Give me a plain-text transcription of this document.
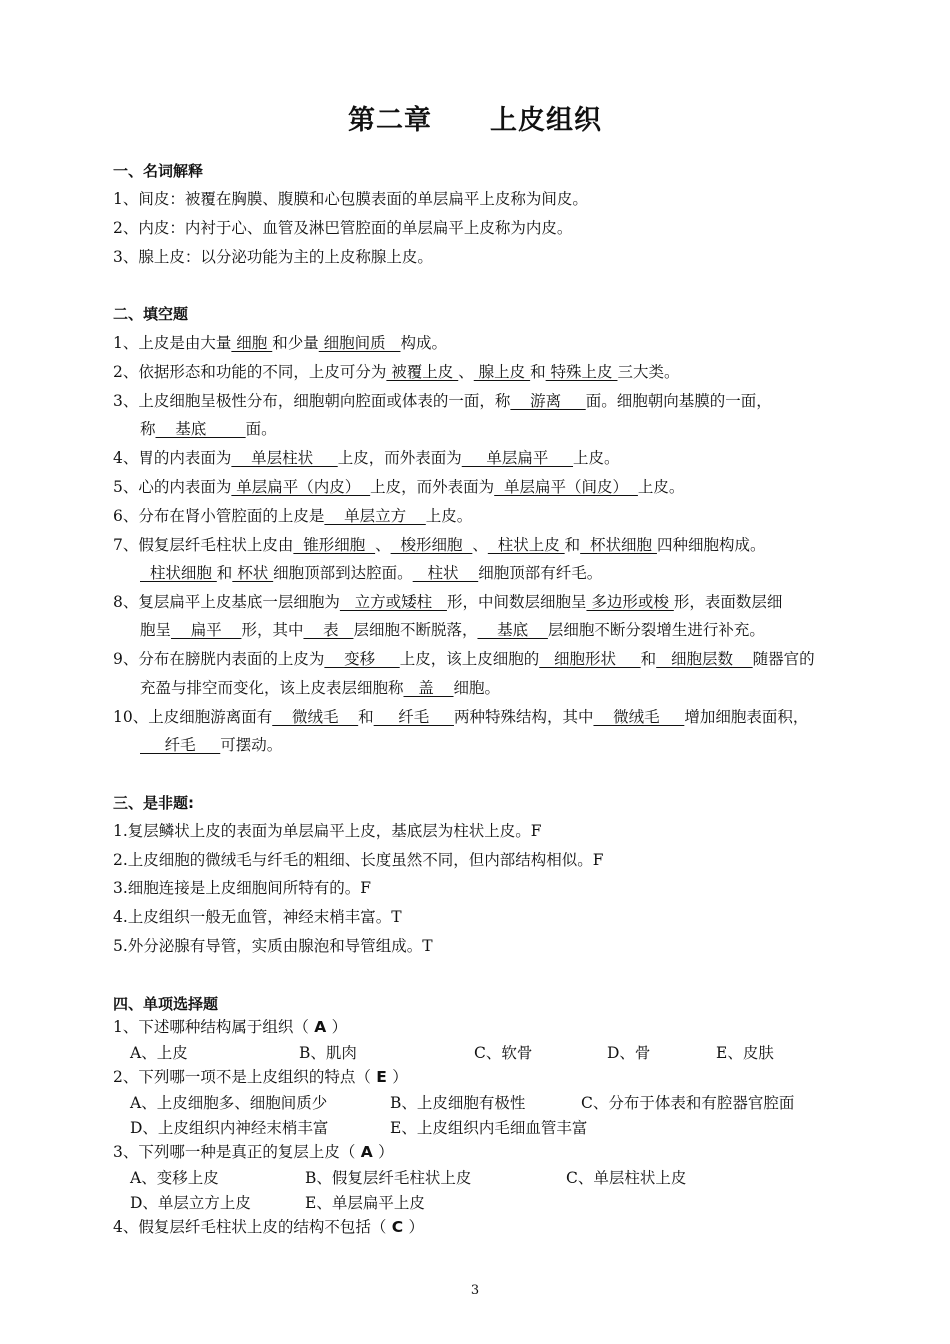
第二章 上皮组织
一、名词解释
1、间皮：被覆在胸膜、腹膜和心包膜表面的单层扁平上皮称为间皮。
2、内皮：内衬于心、血管及淋巴管腔面的单层扁平上皮称为内皮。
3、腺上皮：以分泌功能为主的上皮称腺上皮。
二、填空题
1、上皮是由大量 细胞 和少量 细胞间质   构成。
2、依据形态和功能的不同，上皮可分为 被覆上皮 、 腺上皮 和 特殊上皮 三大类。
3、上皮细胞呈极性分布，细胞朝向腔面或体表的一面，称    游离     面。细胞朝向基膜的一面，
称    基底        面。
4、胃的内表面为    单层柱状     上皮，而外表面为     单层扁平     上皮。
5、心的内表面为 单层扁平（内皮）  上皮，而外表面为  单层扁平（间皮）  上皮。
6、分布在肾小管腔面的上皮是    单层立方    上皮。
7、假复层纤毛柱状上皮由  锥形细胞  、  梭形细胞  、  柱状上皮 和  杯状细胞 四种细胞构成。
柱状细胞 和 杯状 细胞顶部到达腔面。   柱状    细胞顶部有纤毛。
8、复层扁平上皮基底一层细胞为   立方或矮柱   形，中间数层细胞呈 多边形或梭 形，表面数层细
胞呈    扁平    形，其中    表   层细胞不断脱落，    基底    层细胞不断分裂增生进行补充。
9、分布在膀胱内表面的上皮为    变移     上皮，该上皮细胞的   细胞形状     和   细胞层数    随器官的
充盈与排空而变化，该上皮表层细胞称   盖    细胞。
10、上皮细胞游离面有    微绒毛    和     纤毛     两种特殊结构，其中    微绒毛     增加细胞表面积，
纤毛     可摆动。
三、是非题:
1.复层鳞状上皮的表面为单层扁平上皮，基底层为柱状上皮。F
2.上皮细胞的微绒毛与纤毛的粗细、长度虽然不同，但内部结构相似。F
3.细胞连接是上皮细胞间所特有的。F
4.上皮组织一般无血管，神经末梢丰富。T
5.外分泌腺有导管，实质由腺泡和导管组成。T
四、单项选择题
1、下述哪种结构属于组织（ A ）
A、上皮	B、肌肉	C、软骨	D、骨	E、皮肤
2、下列哪一项不是上皮组织的特点（ E ）
A、上皮细胞多、细胞间质少	B、上皮细胞有极性	C、分布于体表和有腔器官腔面
D、上皮组织内神经末梢丰富	E、上皮组织内毛细血管丰富
3、下列哪一种是真正的复层上皮（ A ）
A、变移上皮	B、假复层纤毛柱状上皮	C、单层柱状上皮
D、单层立方上皮	E、单层扁平上皮
4、假复层纤毛柱状上皮的结构不包括（ C ）
3
